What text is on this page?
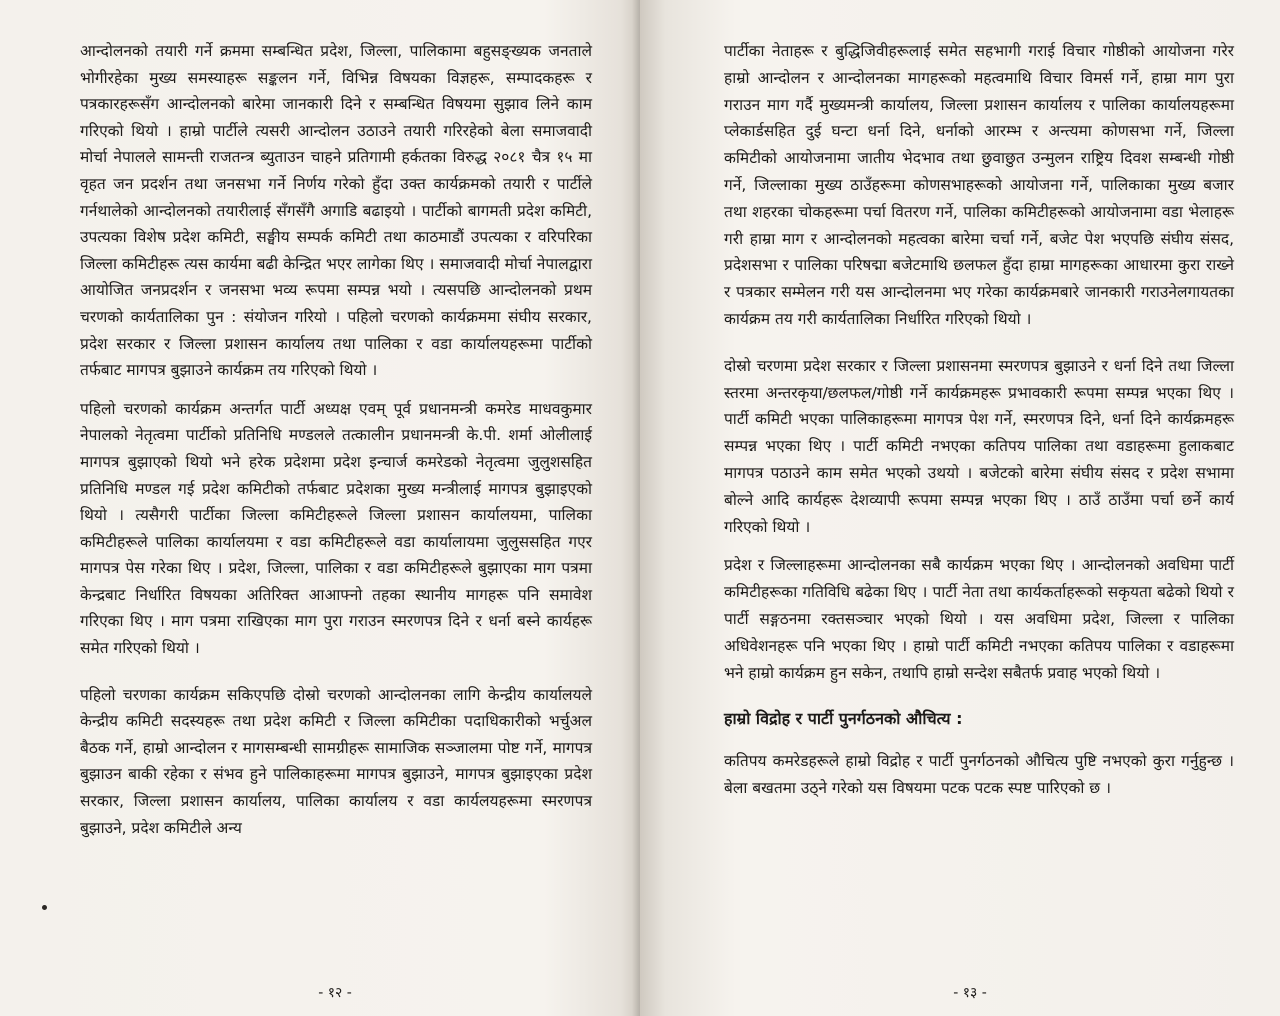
आन्दोलनको तयारी गर्ने क्रममा सम्बन्धित प्रदेश, जिल्ला, पालिकामा बहुसङ्ख्यक जनताले भोगीरहेका मुख्य समस्याहरू सङ्कलन गर्ने, विभिन्न विषयका विज्ञहरू, सम्पादकहरू र पत्रकारहरूसँग आन्दोलनको बारेमा जानकारी दिने र सम्बन्धित विषयमा सुझाव लिने काम गरिएको थियो । हाम्रो पार्टीले त्यसरी आन्दोलन उठाउने तयारी गरिरहेको बेला समाजवादी मोर्चा नेपालले सामन्ती राजतन्त्र ब्युताउन चाहने प्रतिगामी हर्कतका विरुद्ध २०८१ चैत्र १५ मा वृहत जन प्रदर्शन तथा जनसभा गर्ने निर्णय गरेको हुँदा उक्त कार्यक्रमको तयारी र पार्टीले गर्नथालेको आन्दोलनको तयारीलाई सँगसँगै अगाडि बढाइयो । पार्टीको बागमती प्रदेश कमिटी, उपत्यका विशेष प्रदेश कमिटी, सङ्घीय सम्पर्क कमिटी तथा काठमाडौं उपत्यका र वरिपरिका जिल्ला कमिटीहरू त्यस कार्यमा बढी केन्द्रित भएर लागेका थिए । समाजवादी मोर्चा नेपालद्वारा आयोजित जनप्रदर्शन र जनसभा भव्य रूपमा सम्पन्न भयो । त्यसपछि आन्दोलनको प्रथम चरणको कार्यतालिका पुन : संयोजन गरियो । पहिलो चरणको कार्यक्रममा संघीय सरकार, प्रदेश सरकार र जिल्ला प्रशासन कार्यालय तथा पालिका र वडा कार्यालयहरूमा पार्टीको तर्फबाट मागपत्र बुझाउने कार्यक्रम तय गरिएको थियो ।

पहिलो चरणको कार्यक्रम अन्तर्गत पार्टी अध्यक्ष एवम् पूर्व प्रधानमन्त्री कमरेड माधवकुमार नेपालको नेतृत्वमा पार्टीको प्रतिनिधि मण्डलले तत्कालीन प्रधानमन्त्री के.पी. शर्मा ओलीलाई मागपत्र बुझाएको थियो भने हरेक प्रदेशमा प्रदेश इन्चार्ज कमरेडको नेतृत्वमा जुलुशसहित प्रतिनिधि मण्डल गई प्रदेश कमिटीको तर्फबाट प्रदेशका मुख्य मन्त्रीलाई मागपत्र बुझाइएको थियो । त्यसैगरी पार्टीका जिल्ला कमिटीहरूले जिल्ला प्रशासन कार्यालयमा, पालिका कमिटीहरूले पालिका कार्यालयमा र वडा कमिटीहरूले वडा कार्यालायमा जुलुससहित गएर मागपत्र पेस गरेका थिए । प्रदेश, जिल्ला, पालिका र वडा कमिटीहरूले बुझाएका माग पत्रमा केन्द्रबाट निर्धारित विषयका अतिरिक्त आआफ्नो तहका स्थानीय मागहरू पनि समावेश गरिएका थिए । माग पत्रमा राखिएका माग पुरा गराउन स्मरणपत्र दिने र धर्ना बस्ने कार्यहरू समेत गरिएको थियो ।

पहिलो चरणका कार्यक्रम सकिएपछि दोस्रो चरणको आन्दोलनका लागि केन्द्रीय कार्यालयले केन्द्रीय कमिटी सदस्यहरू तथा प्रदेश कमिटी र जिल्ला कमिटीका पदाधिकारीको भर्चुअल बैठक गर्ने, हाम्रो आन्दोलन र मागसम्बन्धी सामग्रीहरू सामाजिक सञ्जालमा पोष्ट गर्ने, मागपत्र बुझाउन बाकी रहेका र संभव हुने पालिकाहरूमा मागपत्र बुझाउने, मागपत्र बुझाइएका प्रदेश सरकार, जिल्ला प्रशासन कार्यालय, पालिका कार्यालय र वडा कार्यलयहरूमा स्मरणपत्र बुझाउने, प्रदेश कमिटीले अन्य

- १२ -

पार्टीका नेताहरू र बुद्धिजिवीहरूलाई समेत सहभागी गराई विचार गोष्ठीको आयोजना गरेर हाम्रो आन्दोलन र आन्दोलनका मागहरूको महत्वमाथि विचार विमर्स गर्ने, हाम्रा माग पुरा गराउन माग गर्दै मुख्यमन्त्री कार्यालय, जिल्ला प्रशासन कार्यालय र पालिका कार्यालयहरूमा प्लेकार्डसहित दुई घन्टा धर्ना दिने, धर्नाको आरम्भ र अन्त्यमा कोणसभा गर्ने, जिल्ला कमिटीको आयोजनामा जातीय भेदभाव तथा छुवाछुत उन्मुलन राष्ट्रिय दिवश सम्बन्धी गोष्ठी गर्ने, जिल्लाका मुख्य ठाउँहरूमा कोणसभाहरूको आयोजना गर्ने, पालिकाका मुख्य बजार तथा शहरका चोकहरूमा पर्चा वितरण गर्ने, पालिका कमिटीहरूको आयोजनामा वडा भेलाहरू गरी हाम्रा माग र आन्दोलनको महत्वका बारेमा चर्चा गर्ने, बजेट पेश भएपछि संघीय संसद, प्रदेशसभा र पालिका परिषद्मा बजेटमाथि छलफल हुँदा हाम्रा मागहरूका आधारमा कुरा राख्ने र पत्रकार सम्मेलन गरी यस आन्दोलनमा भए गरेका कार्यक्रमबारे जानकारी गराउनेलगायतका कार्यक्रम तय गरी कार्यतालिका निर्धारित गरिएको थियो ।

दोस्रो चरणमा प्रदेश सरकार र जिल्ला प्रशासनमा स्मरणपत्र बुझाउने र धर्ना दिने तथा जिल्ला स्तरमा अन्तरकृया/छलफल/गोष्ठी गर्ने कार्यक्रमहरू प्रभावकारी रूपमा सम्पन्न भएका थिए । पार्टी कमिटी भएका पालिकाहरूमा मागपत्र पेश गर्ने, स्मरणपत्र दिने, धर्ना दिने कार्यक्रमहरू सम्पन्न भएका थिए । पार्टी कमिटी नभएका कतिपय पालिका तथा वडाहरूमा हुलाकबाट मागपत्र पठाउने काम समेत भएको उथयो । बजेटको बारेमा संघीय संसद र प्रदेश सभामा बोल्ने आदि कार्यहरू देशव्यापी रूपमा सम्पन्न भएका थिए । ठाउँ ठाउँमा पर्चा छर्ने कार्य गरिएको थियो ।

प्रदेश र जिल्लाहरूमा आन्दोलनका सबै कार्यक्रम भएका थिए । आन्दोलनको अवधिमा पार्टी कमिटीहरूका गतिविधि बढेका थिए । पार्टी नेता तथा कार्यकर्ताहरूको सकृयता बढेको थियो र पार्टी सङ्गठनमा रक्तसञ्चार भएको थियो । यस अवधिमा प्रदेश, जिल्ला र पालिका अधिवेशनहरू पनि भएका थिए । हाम्रो पार्टी कमिटी नभएका कतिपय पालिका र वडाहरूमा भने हाम्रो कार्यक्रम हुन सकेन, तथापि हाम्रो सन्देश सबैतर्फ प्रवाह भएको थियो ।

हाम्रो विद्रोह र पार्टी पुनर्गठनको औचित्य :

कतिपय कमरेडहरूले हाम्रो विद्रोह र पार्टी पुनर्गठनको औचित्य पुष्टि नभएको कुरा गर्नुहुन्छ । बेला बखतमा उठ्ने गरेको यस विषयमा पटक पटक स्पष्ट पारिएको छ ।

- १३ -
